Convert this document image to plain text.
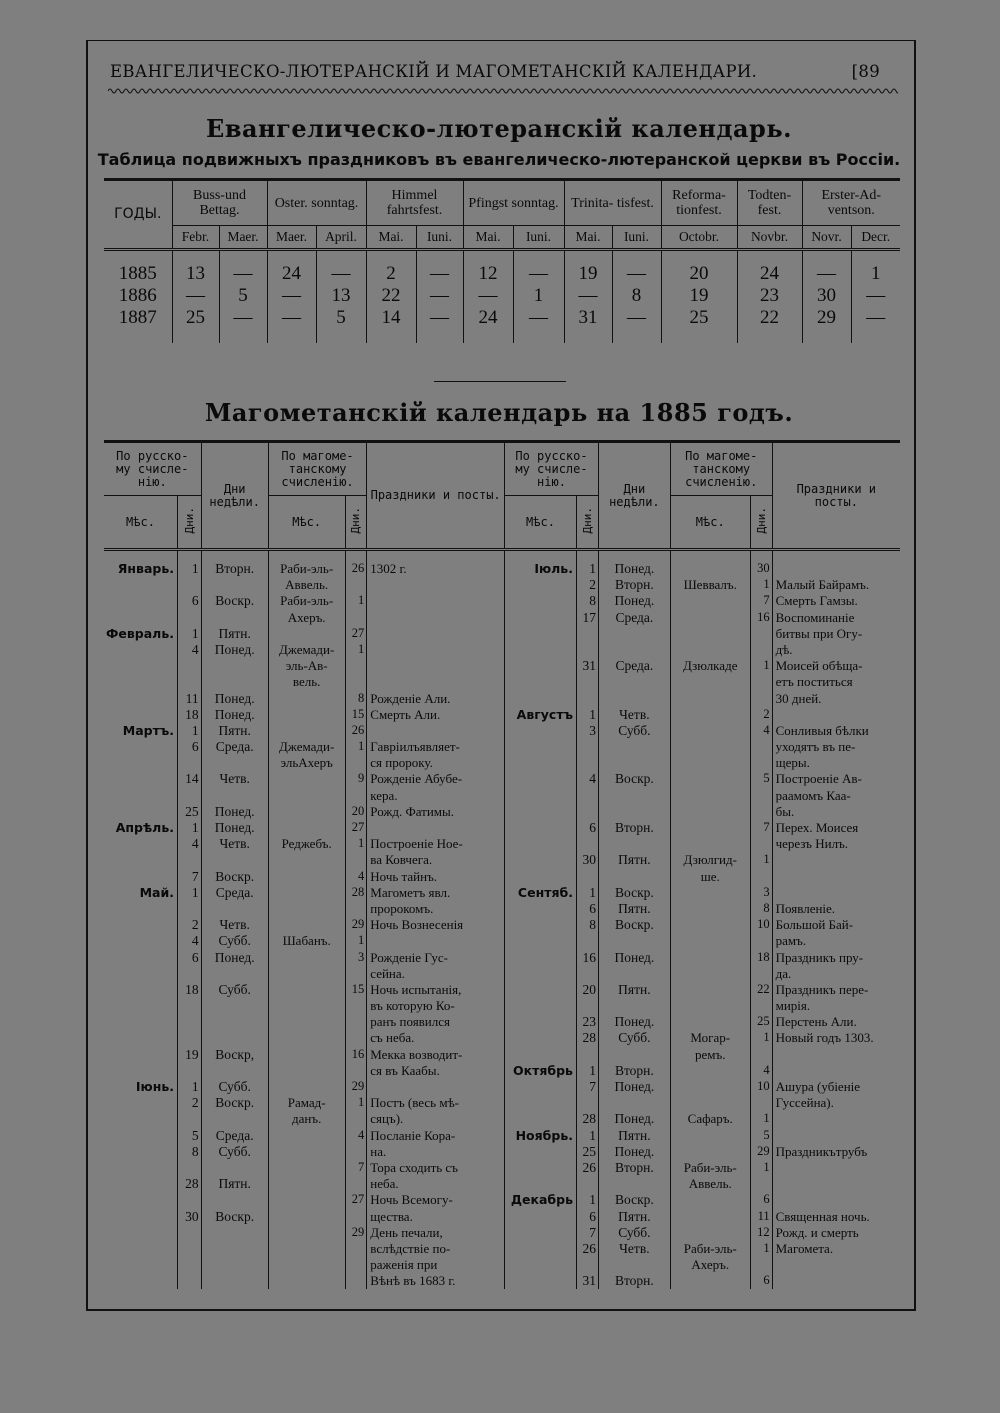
ЕВАНГЕЛИЧЕСКО-ЛЮТЕРАНСКІЙ И МАГОМЕТАНСКІЙ КАЛЕНДАРИ.	[89
Евангелическо-лютеранскій календарь.
Таблица подвижныхъ праздниковъ въ евангелическо-лютеранской церкви въ Россіи.
ГОДЫ.	Buss-und Bettag.		Oster. sonntag.		Himmel fahrtsfest.		Pfingst sonntag.		Trinita- tisfest.		Reforma- tionfest.	Todten- fest.	Erster-Ad- ventson.	
	Febr.	Maer.	Maer.	April.	Mai.	Iuni.	Mai.	Iuni.	Mai.	Iuni.	Octobr.	Novbr.	Novr.	Decr.

1885	13	—	24	—	2	—	12	—	19	—	20	24	—	1
1886	—	5	—	13	22	—	—	1	—	8	19	23	30	—
1887	25	—	—	5	14	—	24	—	31	—	25	22	29	—

Магометанскій календарь на 1885 годъ.
По русско- му счисле- нію.		Дни недѣли.	По магоме- танскому счисленію.		Праздники и посты.
Мѣс.	Дни.		Мѣс.	Дни.	

Январь.	1	Вторн.	Раби-эль-	26	1302 г.
			Аввель.		
	6	Воскр.	Раби-эль-	1	
			Ахеръ.		
Февраль.	1	Пятн.		27	
	4	Понед.	Джемади-	1	
			эль-Ав-		
			вель.		
	11	Понед.		8	Рожденіе Али.
	18	Понед.		15	Смерть Али.
Мартъ.	1	Пятн.		26	
	6	Среда.	Джемади-	1	Гавріилъявляет-
			эльАхеръ		ся пророку.
	14	Четв.		9	Рожденіе Абубе-
					кера.
	25	Понед.		20	Рожд. Фатимы.
Апрѣль.	1	Понед.		27	
	4	Четв.	Реджебъ.	1	Построеніе Ное-
					ва Ковчега.
	7	Воскр.		4	Ночь тайнъ.
Май.	1	Среда.		28	Магометъ явл.
					пророкомъ.
	2	Четв.		29	Ночь Вознесенія
	4	Субб.	Шабанъ.	1	
	6	Понед.		3	Рожденіе Гус-
					сейна.
	18	Субб.		15	Ночь испытанія,
					въ которую Ко-
					ранъ появился
					съ неба.
	19	Воскр,		16	Мекка возводит-
					ся въ Каабы.
Іюнь.	1	Субб.		29	
	2	Воскр.	Рамад-	1	Постъ (весь мѣ-
			данъ.		сяцъ).
	5	Среда.		4	Посланіе Кора-
	8	Субб.			на.
				7	Тора сходить съ
	28	Пятн.			неба.
				27	Ночь Всемогу-
	30	Воскр.			щества.
				29	День печали,
					вслѣдствіе по-
					раженія при
					Вѣнѣ въ 1683 г.
По русско- му счисле- нію.		Дни недѣли.	По магоме- танскому счисленію.		Праздники и посты.
Мѣс.	Дни.		Мѣс.	Дни.	

Іюль.	1	Понед.		30	
	2	Вторн.	Шеввалъ.	1	Малый Байрамъ.
	8	Понед.		7	Смерть Гамзы.
	17	Среда.		16	Воспоминаніе
					битвы при Огу-
					дѣ.
	31	Среда.	Дзюлкаде	1	Моисей обѣща-
					етъ поститься
					30 дней.
Августъ	1	Четв.		2	
	3	Субб.		4	Сонливыя бѣлки
					уходятъ въ пе-
					щеры.
	4	Воскр.		5	Построеніе Ав-
					раамомъ Каа-
					бы.
	6	Вторн.		7	Перех. Моисея
					черезъ Нилъ.
	30	Пятн.	Дзюлгид-	1	
			ше.		
Сентяб.	1	Воскр.		3	
	6	Пятн.		8	Появленіе.
	8	Воскр.		10	Большой Бай-
					рамъ.
	16	Понед.		18	Праздникъ пру-
					да.
	20	Пятн.		22	Праздникъ пере-
					мирія.
	23	Понед.		25	Перстень Али.
	28	Субб.	Могар-	1	Новый годъ 1303.
			ремъ.		
Октябрь	1	Вторн.		4	
	7	Понед.		10	Ашура (убіеніе
					Гуссейна).
	28	Понед.	Сафаръ.	1	
Ноябрь.	1	Пятн.		5	
	25	Понед.		29	Праздникътрубъ
	26	Вторн.	Раби-эль-	1	
			Аввель.		
Декабрь	1	Воскр.		6	
	6	Пятн.		11	Священная ночь.
	7	Субб.		12	Рожд. и смерть
	26	Четв.	Раби-эль-	1	Магомета.
			Ахеръ.		
	31	Вторн.		6	
